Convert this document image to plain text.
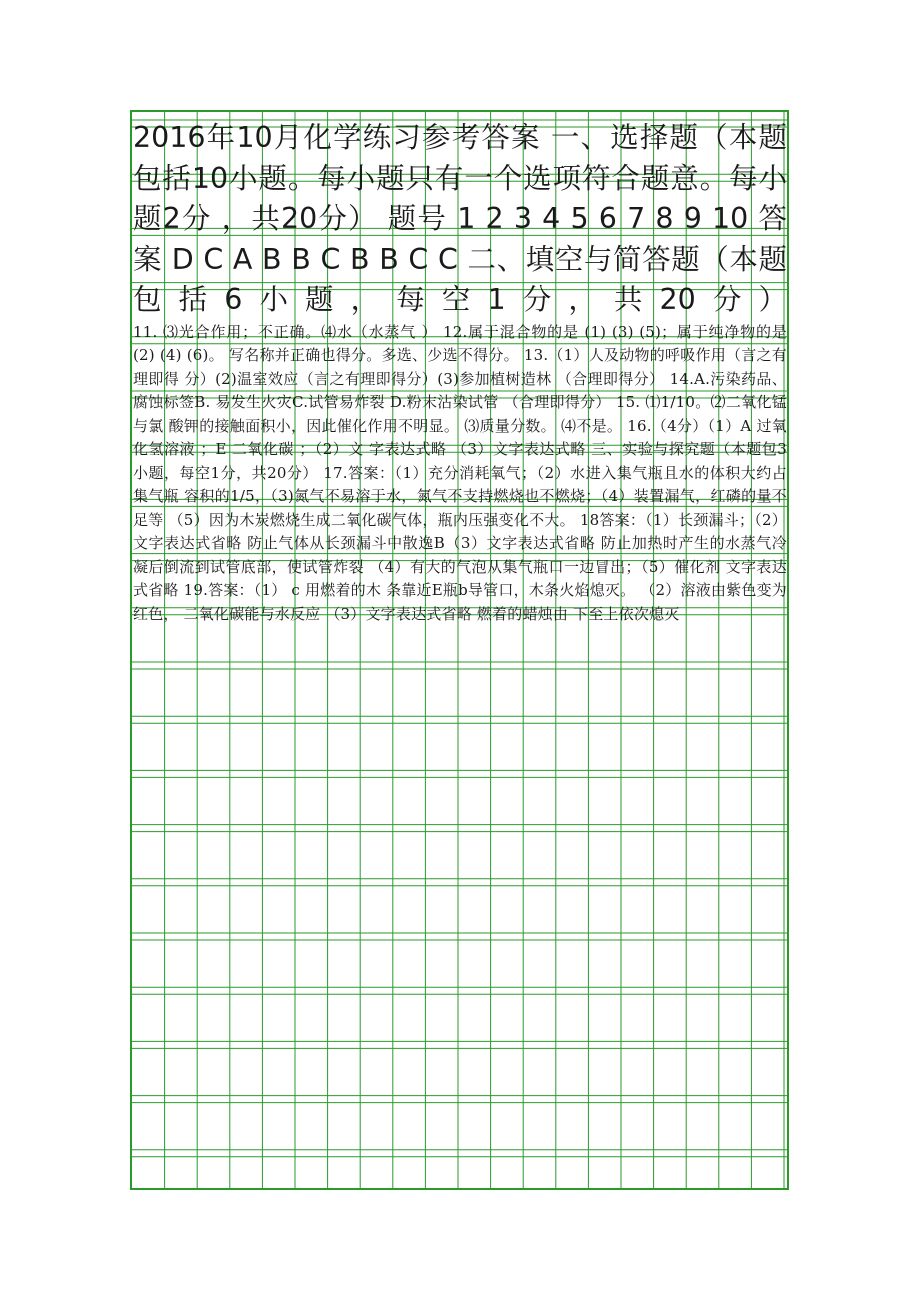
2016年10月化学练习参考答案 一、选择题（本题包括10小题。每小题只有一个选项符合题意。每小题2分 ，共20分） 题号 1 2 3 4 5 6 7 8 9 10 答案 D C A B B C B B C C 二、填空与简答题（本题包括6小题，每空1分，共20分）

11. ⑶光合作用；不正确。⑷水（水蒸气 ） 12.属于混合物的是 (1) (3) (5)；属于纯净物的是 (2) (4) (6)。 写名称并正确也得分。多选、少选不得分。 13.（1）人及动物的呼吸作用（言之有理即得 分）(2)温室效应（言之有理即得分）(3)参加植树造林 （合理即得分） 14.A.污染药品、腐蚀标签B. 易发生火灾C.试管易炸裂 D.粉末沾染试管 （合理即得分） 15. ⑴1/10。⑵二氧化锰 与氯 酸钾的接触面积小，因此催化作用不明显。 ⑶质量分数。 ⑷不是。 16.（4分）（1）A 过氧化氢溶液 ；E 二氧化碳 ；（2）文 字表达式略 （3）文字表达式略 三、实验与探究题（本题包3小题，每空1分，共20分） 17.答案：（1）充分消耗氧气；（2）水进入集气瓶且水的体积大约占集气瓶 容积的1/5，（3)氮气不易溶于水，氮气不支持燃烧也不燃烧；（4）装置漏气，红磷的量不足等 （5）因为木炭燃烧生成二氧化碳气体，瓶内压强变化不大。 18答案：（1）长颈漏斗；（2）文字表达式省略 防止气体从长颈漏斗中散逸B（3）文字表达式省略 防止加热时产生的水蒸气冷凝后倒流到试管底部，使试管炸裂 （4）有大的气泡从集气瓶口一边冒出；（5）催化剂 文字表达式省略 19.答案：（1） c 用燃着的木 条靠近E瓶b导管口，木条火焰熄灭。 （2）溶液由紫色变为红色， 二氧化碳能与水反应 （3）文字表达式省略 燃着的蜡烛由 下至上依次熄灭
